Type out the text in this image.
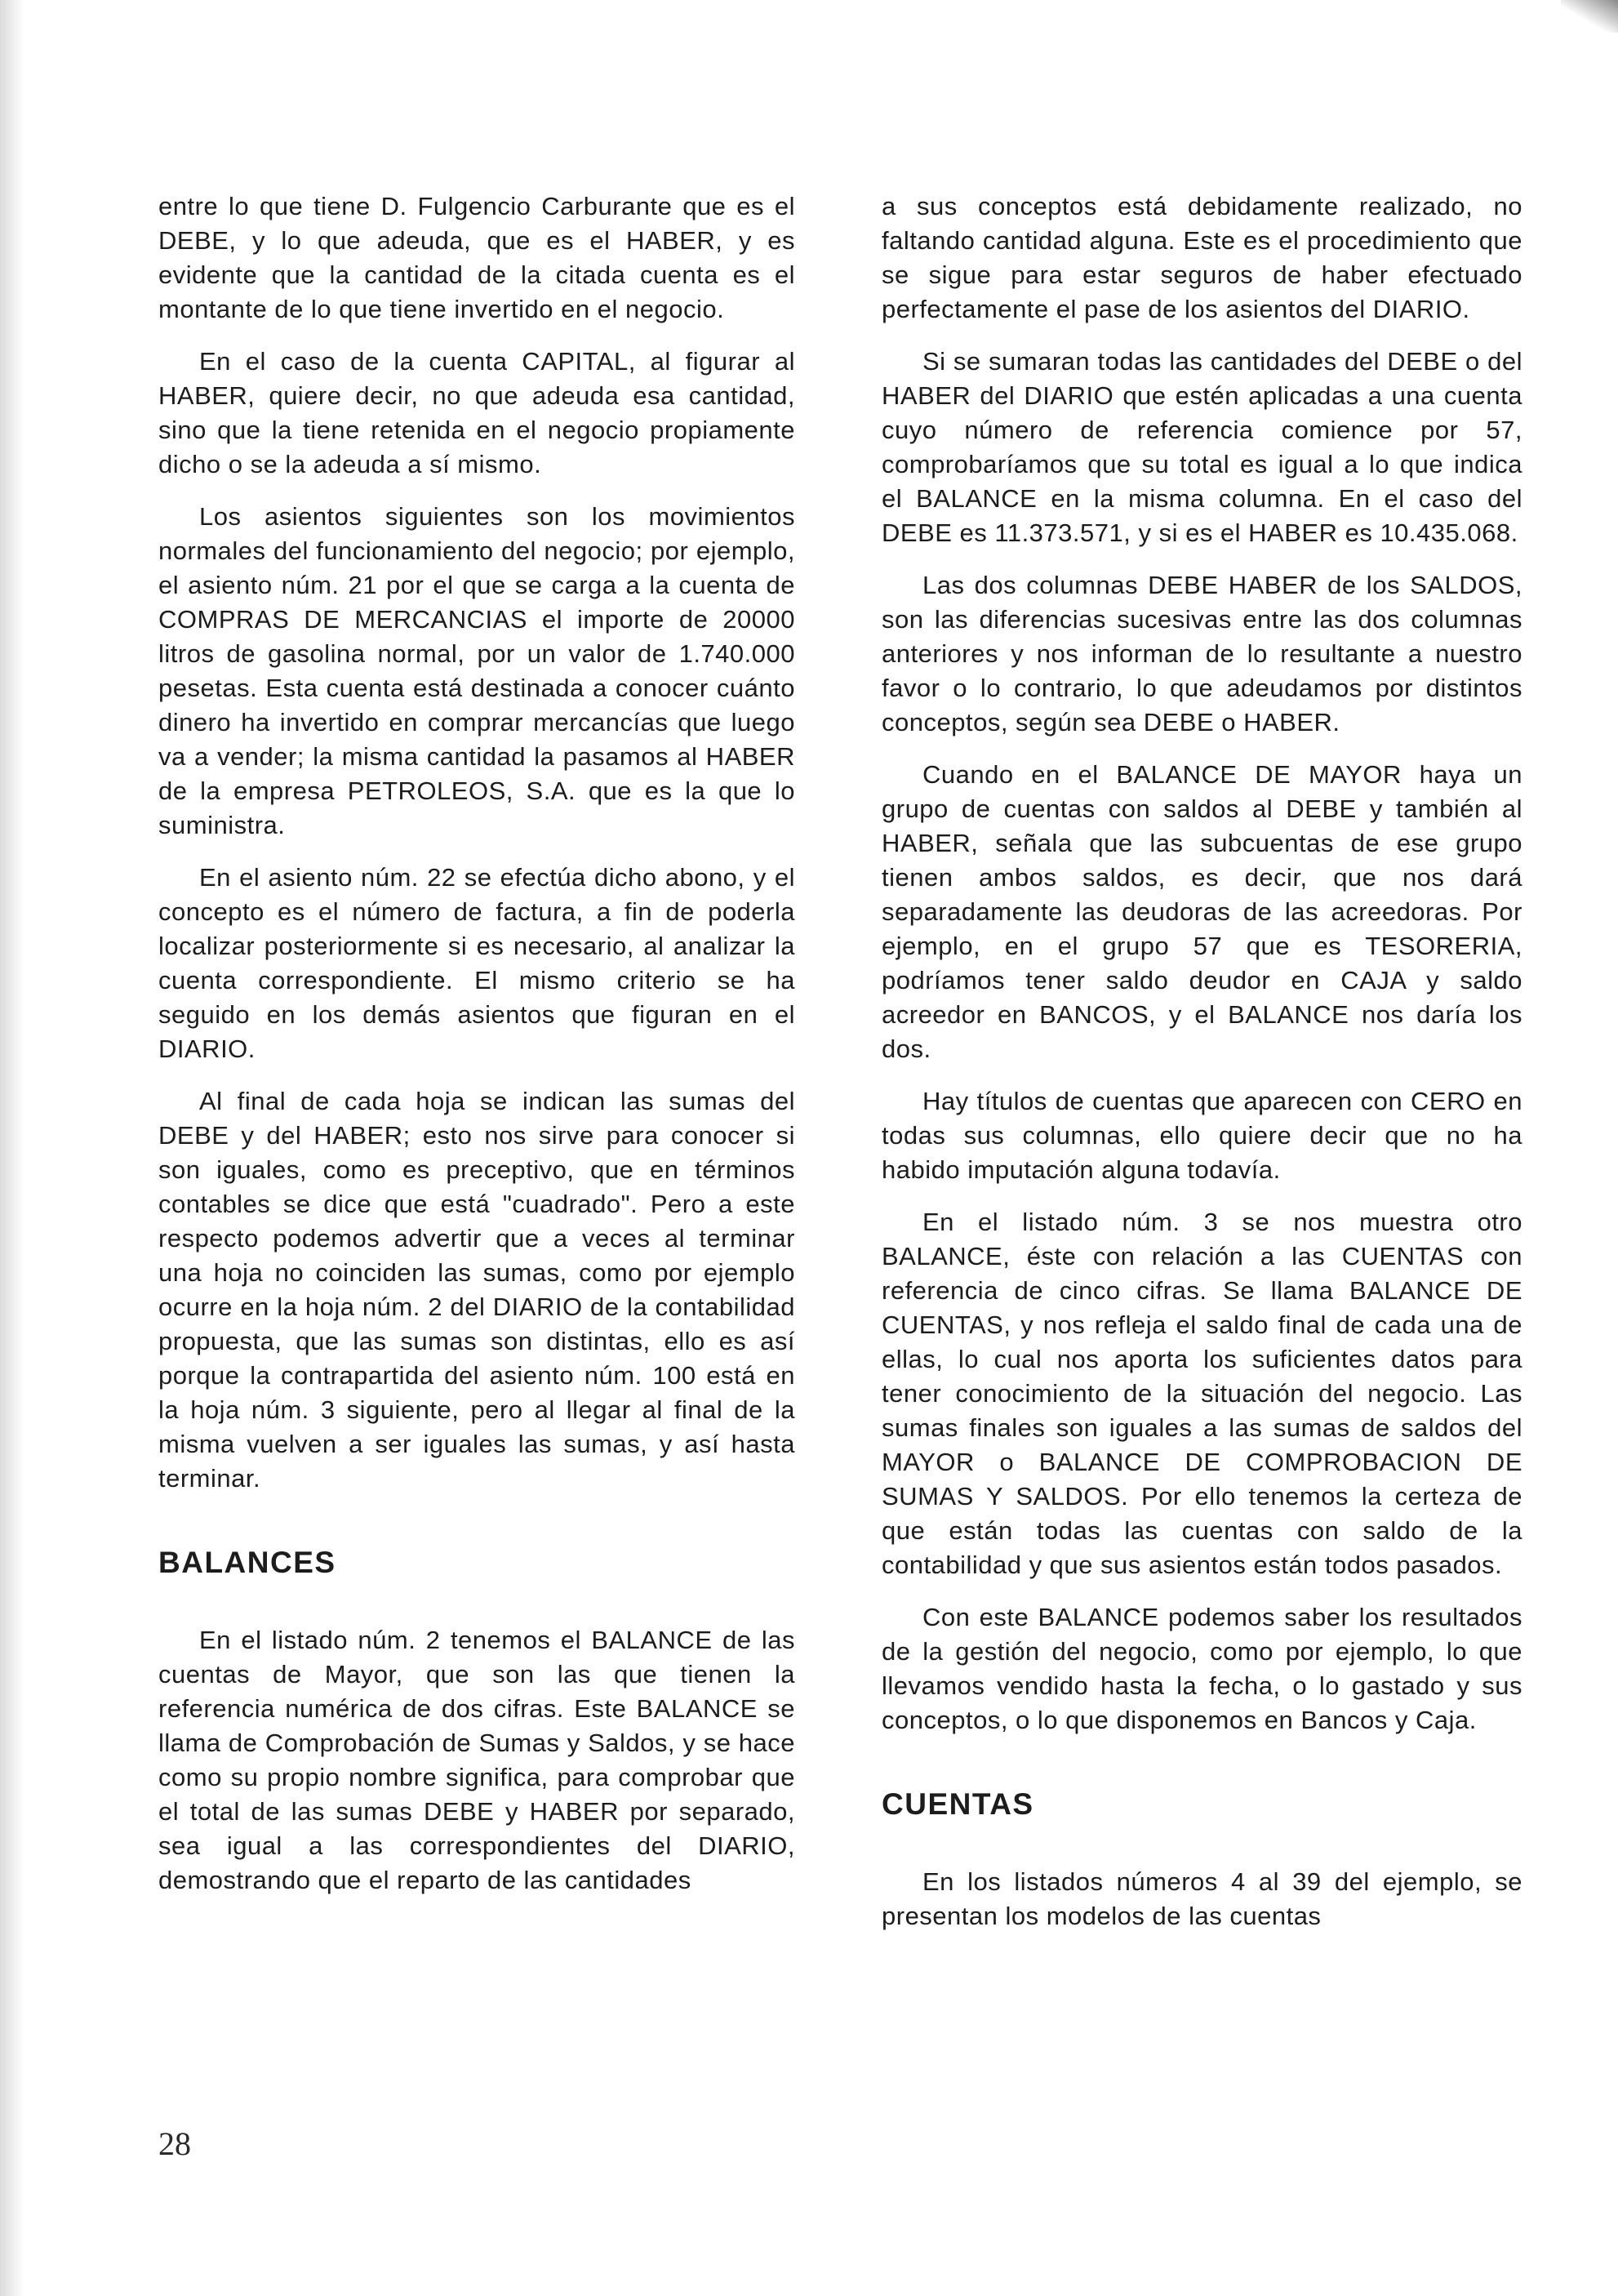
entre lo que tiene D. Fulgencio Carburante que es el DEBE, y lo que adeuda, que es el HABER, y es evidente que la cantidad de la citada cuenta es el montante de lo que tiene invertido en el negocio.

En el caso de la cuenta CAPITAL, al figurar al HABER, quiere decir, no que adeuda esa cantidad, sino que la tiene retenida en el negocio propiamente dicho o se la adeuda a sí mismo.

Los asientos siguientes son los movimientos normales del funcionamiento del negocio; por ejemplo, el asiento núm. 21 por el que se carga a la cuenta de COMPRAS DE MERCANCIAS el importe de 20000 litros de gasolina normal, por un valor de 1.740.000 pesetas. Esta cuenta está destinada a conocer cuánto dinero ha invertido en comprar mercancías que luego va a vender; la misma cantidad la pasamos al HABER de la empresa PETROLEOS, S.A. que es la que lo suministra.

En el asiento núm. 22 se efectúa dicho abono, y el concepto es el número de factura, a fin de poderla localizar posteriormente si es necesario, al analizar la cuenta correspondiente. El mismo criterio se ha seguido en los demás asientos que figuran en el DIARIO.

Al final de cada hoja se indican las sumas del DEBE y del HABER; esto nos sirve para conocer si son iguales, como es preceptivo, que en términos contables se dice que está "cuadrado". Pero a este respecto podemos advertir que a veces al terminar una hoja no coinciden las sumas, como por ejemplo ocurre en la hoja núm. 2 del DIARIO de la contabilidad propuesta, que las sumas son distintas, ello es así porque la contrapartida del asiento núm. 100 está en la hoja núm. 3 siguiente, pero al llegar al final de la misma vuelven a ser iguales las sumas, y así hasta terminar.

BALANCES

En el listado núm. 2 tenemos el BALANCE de las cuentas de Mayor, que son las que tienen la referencia numérica de dos cifras. Este BALANCE se llama de Comprobación de Sumas y Saldos, y se hace como su propio nombre significa, para comprobar que el total de las sumas DEBE y HABER por separado, sea igual a las correspondientes del DIARIO, demostrando que el reparto de las cantidades

a sus conceptos está debidamente realizado, no faltando cantidad alguna. Este es el procedimiento que se sigue para estar seguros de haber efectuado perfectamente el pase de los asientos del DIARIO.

Si se sumaran todas las cantidades del DEBE o del HABER del DIARIO que estén aplicadas a una cuenta cuyo número de referencia comience por 57, comprobaríamos que su total es igual a lo que indica el BALANCE en la misma columna. En el caso del DEBE es 11.373.571, y si es el HABER es 10.435.068.

Las dos columnas DEBE HABER de los SALDOS, son las diferencias sucesivas entre las dos columnas anteriores y nos informan de lo resultante a nuestro favor o lo contrario, lo que adeudamos por distintos conceptos, según sea DEBE o HABER.

Cuando en el BALANCE DE MAYOR haya un grupo de cuentas con saldos al DEBE y también al HABER, señala que las subcuentas de ese grupo tienen ambos saldos, es decir, que nos dará separadamente las deudoras de las acreedoras. Por ejemplo, en el grupo 57 que es TESORERIA, podríamos tener saldo deudor en CAJA y saldo acreedor en BANCOS, y el BALANCE nos daría los dos.

Hay títulos de cuentas que aparecen con CERO en todas sus columnas, ello quiere decir que no ha habido imputación alguna todavía.

En el listado núm. 3 se nos muestra otro BALANCE, éste con relación a las CUENTAS con referencia de cinco cifras. Se llama BALANCE DE CUENTAS, y nos refleja el saldo final de cada una de ellas, lo cual nos aporta los suficientes datos para tener conocimiento de la situación del negocio. Las sumas finales son iguales a las sumas de saldos del MAYOR o BALANCE DE COMPROBACION DE SUMAS Y SALDOS. Por ello tenemos la certeza de que están todas las cuentas con saldo de la contabilidad y que sus asientos están todos pasados.

Con este BALANCE podemos saber los resultados de la gestión del negocio, como por ejemplo, lo que llevamos vendido hasta la fecha, o lo gastado y sus conceptos, o lo que disponemos en Bancos y Caja.

CUENTAS

En los listados números 4 al 39 del ejemplo, se presentan los modelos de las cuentas

28
